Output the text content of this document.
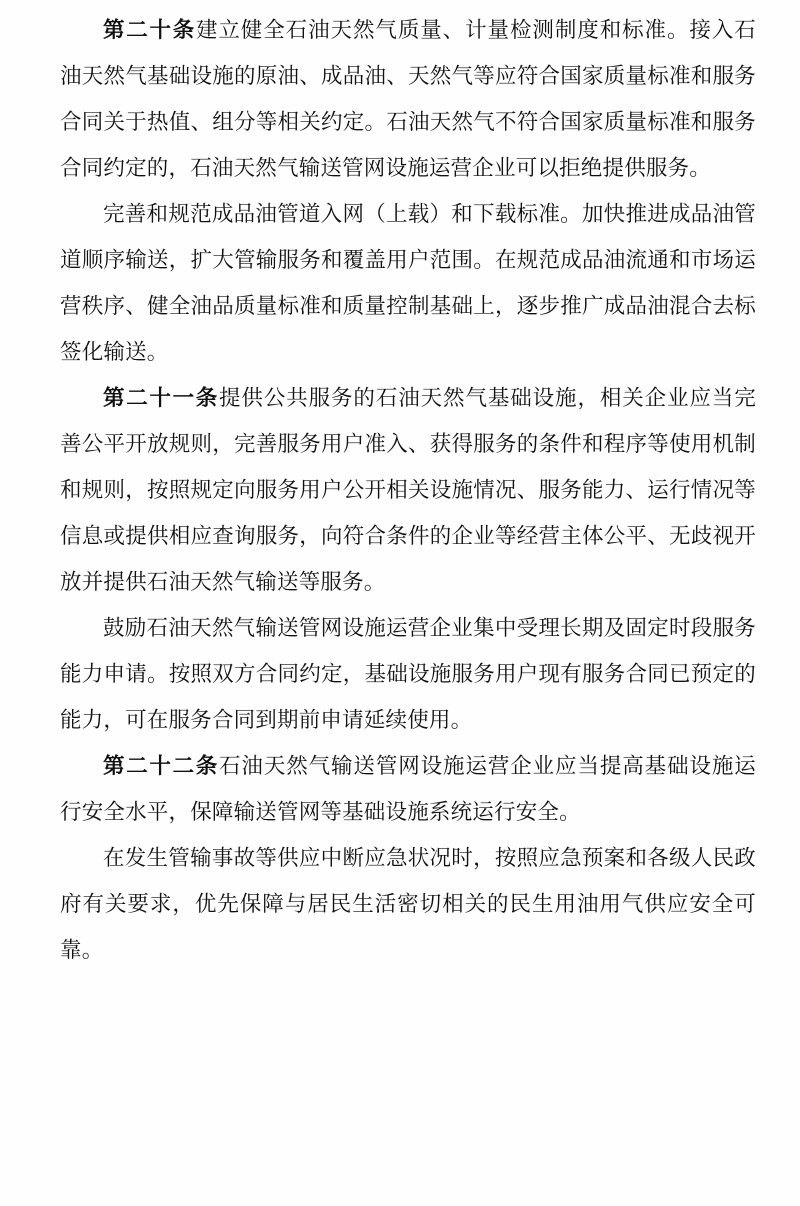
第二十条建立健全石油天然气质量、计量检测制度和标准。接入石油天然气基础设施的原油、成品油、天然气等应符合国家质量标准和服务合同关于热值、组分等相关约定。石油天然气不符合国家质量标准和服务合同约定的，石油天然气输送管网设施运营企业可以拒绝提供服务。

完善和规范成品油管道入网（上载）和下载标准。加快推进成品油管道顺序输送，扩大管输服务和覆盖用户范围。在规范成品油流通和市场运营秩序、健全油品质量标准和质量控制基础上，逐步推广成品油混合去标签化输送。

第二十一条提供公共服务的石油天然气基础设施，相关企业应当完善公平开放规则，完善服务用户准入、获得服务的条件和程序等使用机制和规则，按照规定向服务用户公开相关设施情况、服务能力、运行情况等信息或提供相应查询服务，向符合条件的企业等经营主体公平、无歧视开放并提供石油天然气输送等服务。

鼓励石油天然气输送管网设施运营企业集中受理长期及固定时段服务能力申请。按照双方合同约定，基础设施服务用户现有服务合同已预定的能力，可在服务合同到期前申请延续使用。

第二十二条石油天然气输送管网设施运营企业应当提高基础设施运行安全水平，保障输送管网等基础设施系统运行安全。

在发生管输事故等供应中断应急状况时，按照应急预案和各级人民政府有关要求，优先保障与居民生活密切相关的民生用油用气供应安全可靠。
